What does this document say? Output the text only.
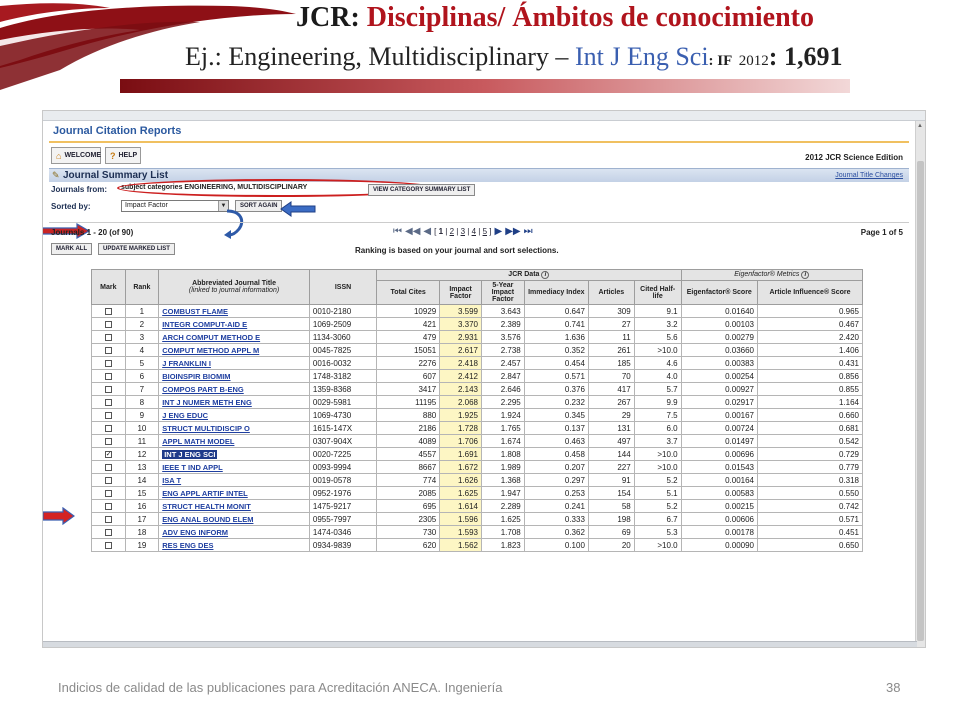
JCR: Disciplinas/ Ámbitos de conocimiento
Ej.: Engineering, Multidisciplinary – Int J Eng Sci: IF 2012: 1,691
▲
Journal Citation Reports
⌂ WELCOME ? HELP	2012 JCR Science Edition
✎ Journal Summary List	Journal Title Changes
Journals from: subject categories ENGINEERING, MULTIDISCIPLINARY	VIEW CATEGORY SUMMARY LIST
Sorted by:	Impact Factor	▼	SORT AGAIN
Journals 1 - 20 (of 90)	⏮ ◀◀ ◀ [ 1 | 2 | 3 | 4 | 5 ] ▶ ▶▶ ⏭	Page 1 of 5
MARK ALL	UPDATE MARKED LIST	Ranking is based on your journal and sort selections.
Mark	Rank	Abbreviated Journal Title
(linked to journal information)	ISSN	JCR Data i						Eigenfactor® Metrics i	
				Total Cites	Impact Factor	5-Year Impact Factor	Immediacy Index	Articles	Cited Half-life	Eigenfactor® Score	Article Influence® Score
	1	COMBUST FLAME	0010-2180	10929	3.599	3.643	0.647	309	9.1	0.01640	0.965
	2	INTEGR COMPUT-AID E	1069-2509	421	3.370	2.389	0.741	27	3.2	0.00103	0.467
	3	ARCH COMPUT METHOD E	1134-3060	479	2.931	3.576	1.636	11	5.6	0.00279	2.420
	4	COMPUT METHOD APPL M	0045-7825	15051	2.617	2.738	0.352	261	>10.0	0.03660	1.406
	5	J FRANKLIN I	0016-0032	2276	2.418	2.457	0.454	185	4.6	0.00383	0.431
	6	BIOINSPIR BIOMIM	1748-3182	607	2.412	2.847	0.571	70	4.0	0.00254	0.856
	7	COMPOS PART B-ENG	1359-8368	3417	2.143	2.646	0.376	417	5.7	0.00927	0.855
	8	INT J NUMER METH ENG	0029-5981	11195	2.068	2.295	0.232	267	9.9	0.02917	1.164
	9	J ENG EDUC	1069-4730	880	1.925	1.924	0.345	29	7.5	0.00167	0.660
	10	STRUCT MULTIDISCIP O	1615-147X	2186	1.728	1.765	0.137	131	6.0	0.00724	0.681
	11	APPL MATH MODEL	0307-904X	4089	1.706	1.674	0.463	497	3.7	0.01497	0.542
✓	12	INT J ENG SCI	0020-7225	4557	1.691	1.808	0.458	144	>10.0	0.00696	0.729
	13	IEEE T IND APPL	0093-9994	8667	1.672	1.989	0.207	227	>10.0	0.01543	0.779
	14	ISA T	0019-0578	774	1.626	1.368	0.297	91	5.2	0.00164	0.318
	15	ENG APPL ARTIF INTEL	0952-1976	2085	1.625	1.947	0.253	154	5.1	0.00583	0.550
	16	STRUCT HEALTH MONIT	1475-9217	695	1.614	2.289	0.241	58	5.2	0.00215	0.742
	17	ENG ANAL BOUND ELEM	0955-7997	2305	1.596	1.625	0.333	198	6.7	0.00606	0.571
	18	ADV ENG INFORM	1474-0346	730	1.593	1.708	0.362	69	5.3	0.00178	0.451
	19	RES ENG DES	0934-9839	620	1.562	1.823	0.100	20	>10.0	0.00090	0.650
Indicios de calidad de las publicaciones para Acreditación ANECA. Ingeniería	38
